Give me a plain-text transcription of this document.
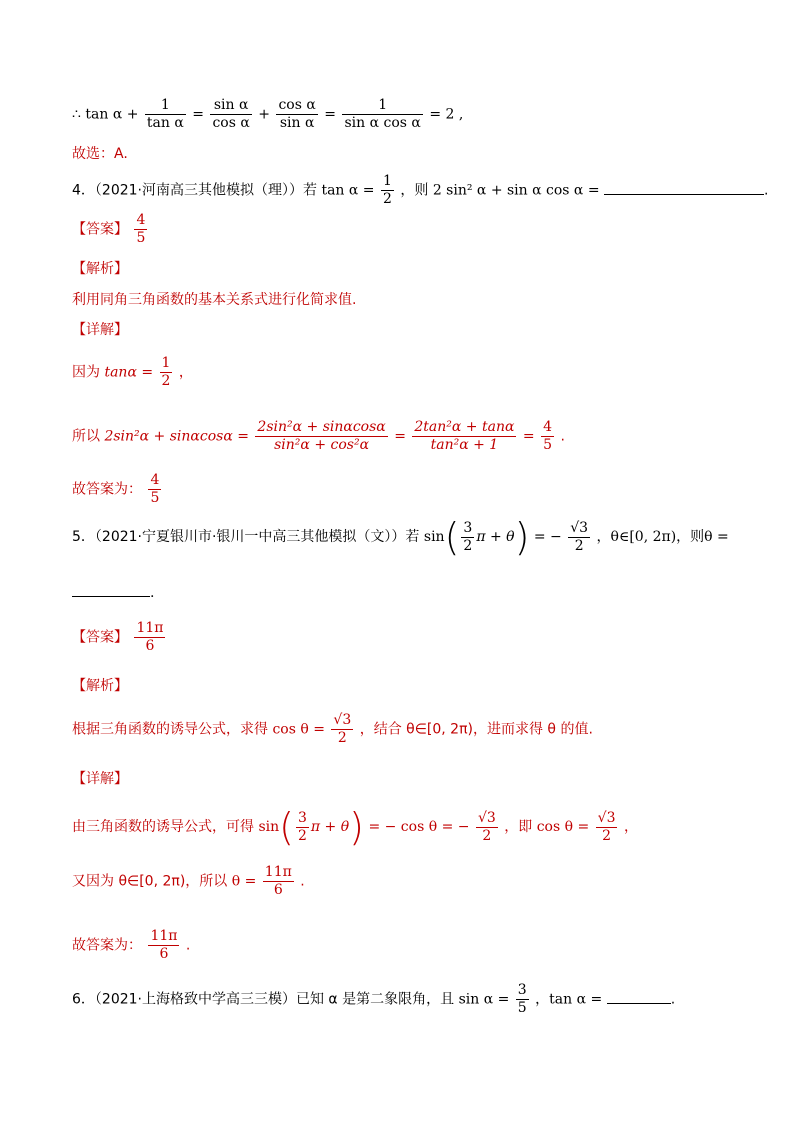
∴ $\tan \alpha + \frac{1}{\text{tan α}} = \frac{\text{sin α}}{\text{cos α}} + \frac{\text{cos α}}{\text{sin α}} = \frac{1}{\text{sin α cos α}} = 2$ ,
故选：A.
4．（2021·河南高三其他模拟（理））若 $\tan \alpha = \frac{1}{2}$ ，则 2 sin² α + sin α cos α =	.
【答案】 $\frac{4}{5}$
【解析】
利用同角三角函数的基本关系式进行化简求值.
【详解】
因为 $\tan\alpha = \frac{1}{2}$ ，
所以 $2\sin^2\alpha + \sin\alpha\cos\alpha = \frac{\text{2sin²α + sinαcosα}}{\text{sin²α + cos²α}} = \frac{\text{2tan²α + tanα}}{\text{tan²α + 1}} = \frac{4}{5}$ .
故答案为： $\frac{4}{5}$
5．（2021·宁夏银川市·银川一中高三其他模拟（文））若 $\sin( \frac{3}{2}$ π + θ) = − $\frac{√3}{2}$ ，θ∈[0, 2π)，则θ =
.
【答案】 $\frac{11\pi}{6}$
【解析】
根据三角函数的诱导公式，求得 $\cos \theta = \frac{√3}{2}$ ，结合 θ∈[0, 2π)，进而求得 θ 的值.
【详解】
由三角函数的诱导公式，可得 $\sin( \frac{3}{2}$ π + θ) = − cos θ = − $\frac{√3}{2}$ ，即 $\cos \theta = \frac{√3}{2}$ ，
又因为 θ∈[0, 2π)，所以 $\theta = \frac{11\pi}{6}$ .
故答案为： $\frac{11\pi}{6}$ .
6．（2021·上海格致中学高三三模）已知 α 是第二象限角，且 $\sin \alpha = \frac{3}{5}$ ，tan α =	.
